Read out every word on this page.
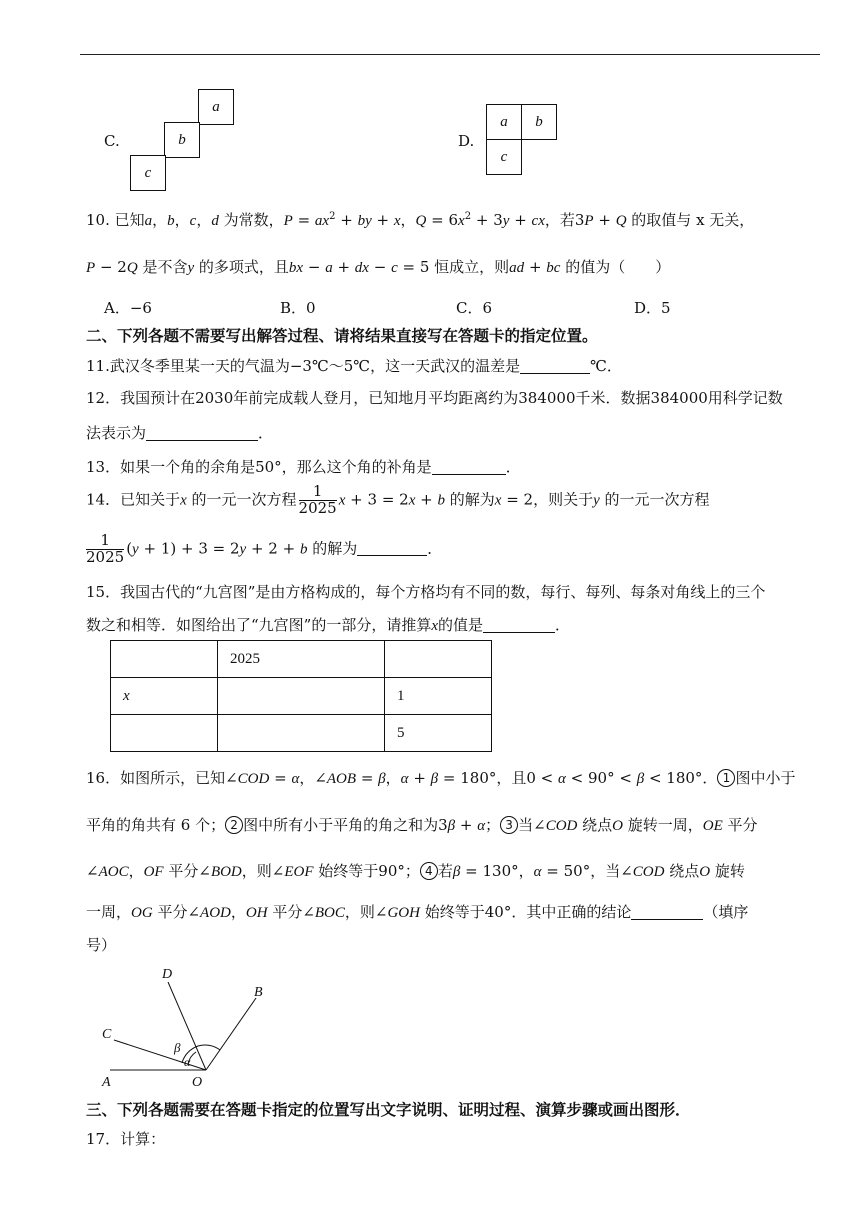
C.
a
b
c
D.
a	b
c
10. 已知a，b，c，d 为常数，$P = ax^2$ + by + x，$Q = 6x^2 + 3y$ + cx，若3P + Q 的取值与 x 无关，
P − 2Q 是不含y 的多项式，且bx − a + dx − c = 5 恒成立，则ad + bc 的值为（　　）
A．−6	B．0	C．6	D．5
二、下列各题不需要写出解答过程、请将结果直接写在答题卡的指定位置。
11.武汉冬季里某一天的气温为−3℃～5℃，这一天武汉的温差是	℃．
12．我国预计在2030年前完成载人登月，已知地月平均距离约为384000千米．数据384000用科学记数
法表示为	．
13．如果一个角的余角是50°，那么这个角的补角是	．
14．已知关于x 的一元一次方程 $\frac{1}{2025}$ x + 3 = 2x + b 的解为x = 2，则关于y 的一元一次方程
$\frac{1}{2025} (y + 1) + 3 = 2y + 2 + b$ 的解为	．
15．我国古代的“九宫图”是由方格构成的，每个方格均有不同的数，每行、每列、每条对角线上的三个
数之和相等．如图给出了“九宫图”的一部分，请推算x的值是	．
	2025	
x		1
		5
16．如图所示，已知∠COD = α，∠AOB = β，α + β = 180°，且0 < α < 90° < β < 180°． 1 图中小于
平角的角共有 6 个； 2 图中所有小于平角的角之和为3β + α； 3 当∠COD 绕点O 旋转一周，OE 平分
∠AOC，OF 平分∠BOD，则∠EOF 始终等于90°； 4 若β = 130°，α = 50°，当∠COD 绕点O 旋转
一周，OG 平分∠AOD，OH 平分∠BOC，则∠GOH 始终等于40°．其中正确的结论	（填序
号）
D
B
C
A	O
β
α
三、下列各题需要在答题卡指定的位置写出文字说明、证明过程、演算步骤或画出图形．
17．计算：
